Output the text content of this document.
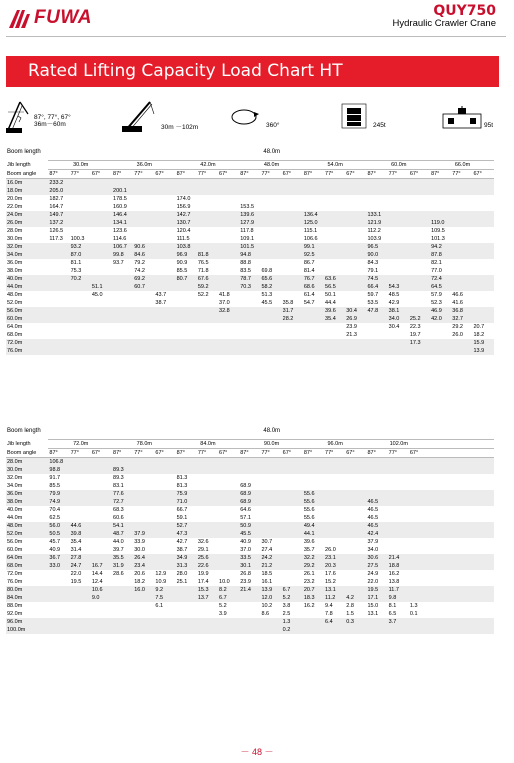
FUWA	QUY750
Hydraulic Crawler Crane
Rated Lifting Capacity Load Chart HT
87°, 77°, 67°
36m－60m	30m －102m	360°	245t	95t
Boom length	48.0m																				
Jib length	30.0m			36.0m			42.0m			48.0m			54.0m			60.0m			66.0m		
Boom angle	87°	77°	67°	87°	77°	67°	87°	77°	67°	87°	77°	67°	87°	77°	67°	87°	77°	67°	87°	77°	67°
16.0m	233.2																				
18.0m	205.0			200.1																	
20.0m	182.7			178.5			174.0														
22.0m	164.7			160.9			156.9			153.5											
24.0m	149.7			146.4			142.7			139.6			136.4			133.1					
26.0m	137.2			134.1			130.7			127.9			125.0			121.9			119.0		
28.0m	126.5			123.6			120.4			117.8			115.1			112.2			109.5		
30.0m	117.3	100.3		114.6			111.5			109.1			106.6			103.9			101.3		
32.0m		93.2		106.7	90.6		103.8			101.5			99.1			96.5			94.2		
34.0m		87.0		99.8	84.6		96.9	81.8		94.8			92.5			90.0			87.8		
36.0m		81.1		93.7	79.2		90.9	76.5		88.8			86.7			84.3			82.1		
38.0m		75.3			74.2		85.5	71.8		83.5	69.8		81.4			79.1			77.0		
40.0m		70.2			69.2		80.7	67.6		78.7	65.6		76.7	63.6		74.5			72.4		
44.0m			51.1		60.7			59.2		70.3	58.2		68.6	56.5		66.4	54.3		64.5		
48.0m			45.0			43.7		52.2	41.8		51.3		61.4	50.1		59.7	48.5		57.9	46.6	
52.0m						38.7			37.0		45.5	35.8	54.7	44.4		53.5	42.9		52.3	41.6	
56.0m									32.8			31.7		39.6	30.4	47.8	38.1		46.9	36.8	
60.0m												28.2		35.4	26.9		34.0	25.2	42.0	32.7	
64.0m															23.9		30.4	22.3		29.2	20.7
68.0m															21.3			19.7		26.0	18.2
72.0m																		17.3			15.9
76.0m																					13.9
Boom length	48.0m																				
Jib length	72.0m			78.0m			84.0m			90.0m			96.0m			102.0m					
Boom angle	87°	77°	67°	87°	77°	67°	87°	77°	67°	87°	77°	67°	87°	77°	67°	87°	77°	67°			
28.0m	106.8																				
30.0m	98.8			89.3																	
32.0m	91.7			89.3			81.3														
34.0m	85.5			83.1			81.3			68.9											
36.0m	79.9			77.6			75.9			68.9			55.6								
38.0m	74.9			72.7			71.0			68.9			55.6			46.5					
40.0m	70.4			68.3			66.7			64.6			55.6			46.5					
44.0m	62.5			60.6			59.1			57.1			55.6			46.5					
48.0m	56.0	44.6		54.1			52.7			50.9			49.4			46.5					
52.0m	50.5	39.8		48.7	37.9		47.3			45.5			44.1			42.4					
56.0m	45.7	35.4		44.0	33.9		42.7	32.6		40.9	30.7		39.6			37.9					
60.0m	40.9	31.4		39.7	30.0		38.7	29.1		37.0	27.4		35.7	26.0		34.0					
64.0m	36.7	27.8		35.5	26.4		34.9	25.6		33.5	24.2		32.2	23.1		30.6	21.4				
68.0m	33.0	24.7	16.7	31.9	23.4		31.3	22.6		30.1	21.2		29.2	20.3		27.5	18.8				
72.0m		22.0	14.4	28.6	20.6	12.9	28.0	19.9		26.8	18.5		26.1	17.6		24.9	16.2				
76.0m		19.5	12.4		18.2	10.9	25.1	17.4	10.0	23.9	16.1		23.2	15.2		22.0	13.8				
80.0m			10.6		16.0	9.2		15.3	8.2	21.4	13.9	6.7	20.7	13.1		19.5	11.7				
84.0m			9.0			7.5		13.7	6.7		12.0	5.2	18.3	11.2	4.2	17.1	9.8				
88.0m						6.1			5.2		10.2	3.8	16.2	9.4	2.8	15.0	8.1	1.3			
92.0m									3.9		8.6	2.5		7.8	1.5	13.1	6.5	0.1			
96.0m												1.3		6.4	0.3		3.7				
100.0m												0.2									
－ 48 －
